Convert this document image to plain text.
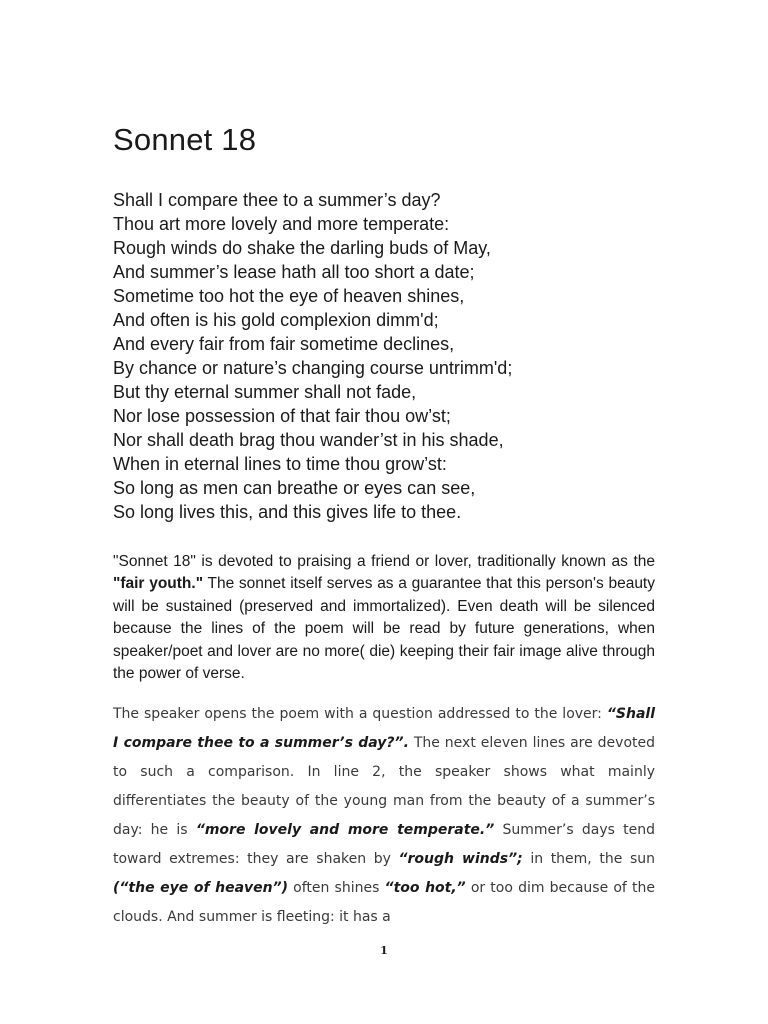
Sonnet 18
Shall I compare thee to a summer’s day?
Thou art more lovely and more temperate:
Rough winds do shake the darling buds of May,
And summer’s lease hath all too short a date;
Sometime too hot the eye of heaven shines,
And often is his gold complexion dimm'd;
And every fair from fair sometime declines,
By chance or nature’s changing course untrimm'd;
But thy eternal summer shall not fade,
Nor lose possession of that fair thou ow’st;
Nor shall death brag thou wander’st in his shade,
When in eternal lines to time thou grow’st:
So long as men can breathe or eyes can see,
So long lives this, and this gives life to thee.

"Sonnet 18" is devoted to praising a friend or lover, traditionally known as the "fair youth." The sonnet itself serves as a guarantee that this person's beauty will be sustained (preserved and immortalized). Even death will be silenced because the lines of the poem will be read by future generations, when speaker/poet and lover are no more( die) keeping their fair image alive through the power of verse.

The speaker opens the poem with a question addressed to the lover: “Shall I compare thee to a summer’s day?”. The next eleven lines are devoted to such a comparison. In line 2, the speaker shows what mainly differentiates the beauty of the young man from the beauty of a summer’s day: he is “more lovely and more temperate.” Summer’s days tend toward extremes: they are shaken by “rough winds”; in them, the sun (“the eye of heaven”) often shines “too hot,” or too dim because of the clouds. And summer is fleeting: it has a

1
